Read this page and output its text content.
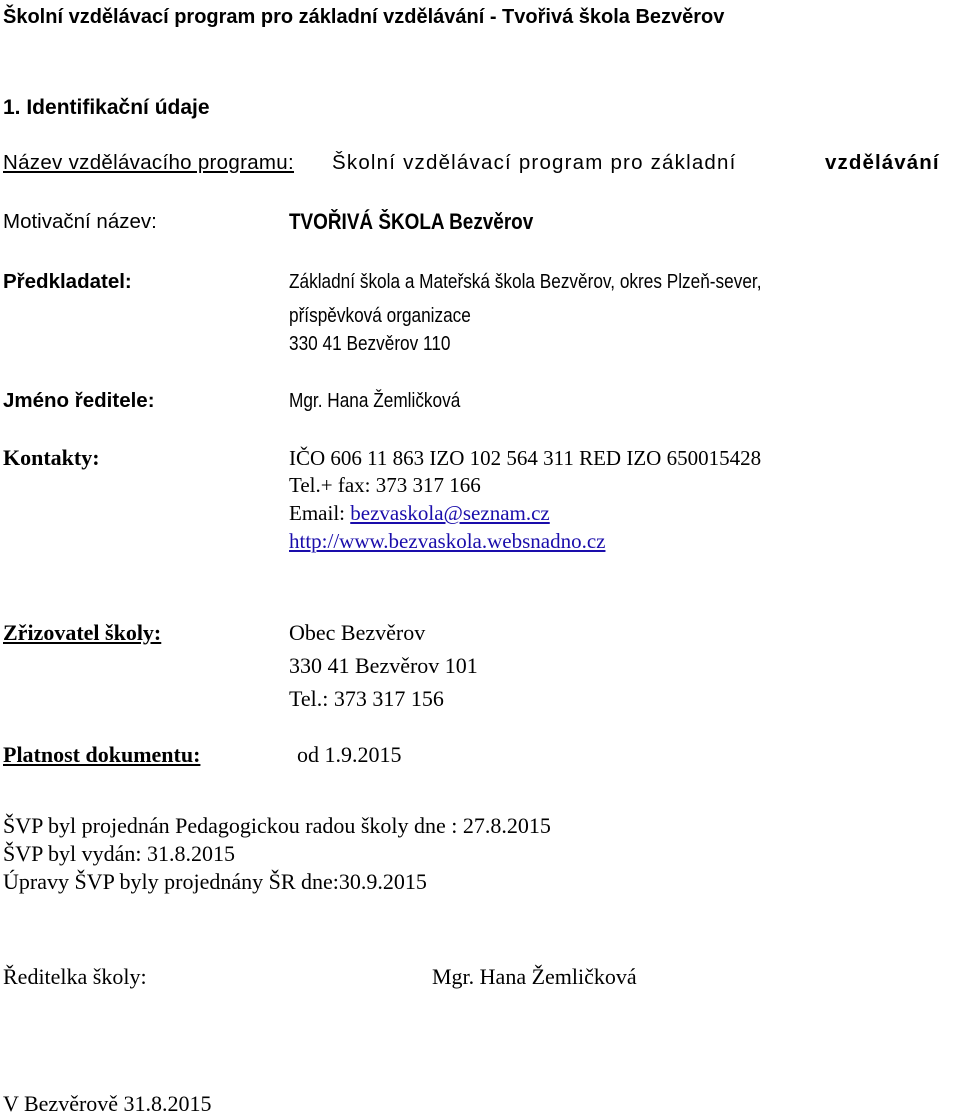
Školní vzdělávací program pro základní vzdělávání - Tvořivá škola Bezvěrov
1. Identifikační údaje
Název vzdělávacího programu: Školní vzdělávací program pro základní	vzdělávání
Motivační název:	TVOŘIVÁ ŠKOLA Bezvěrov
Předkladatel:	Základní škola a Mateřská škola Bezvěrov, okres Plzeň-sever,
příspěvková organizace
330 41 Bezvěrov 110
Jméno ředitele:	Mgr. Hana Žemličková
Kontakty:	IČO 606 11 863 IZO 102 564 311 RED IZO 650015428
Tel.+ fax: 373 317 166
Email: bezvaskola@seznam.cz
http://www.bezvaskola.websnadno.cz
Zřizovatel školy:	Obec Bezvěrov
330 41 Bezvěrov 101
Tel.: 373 317 156
Platnost dokumentu:	od 1.9.2015
ŠVP byl projednán Pedagogickou radou školy dne : 27.8.2015
ŠVP byl vydán: 31.8.2015
Úpravy ŠVP byly projednány ŠR dne:30.9.2015
Ředitelka školy:	Mgr. Hana Žemličková
V Bezvěrově 31.8.2015
